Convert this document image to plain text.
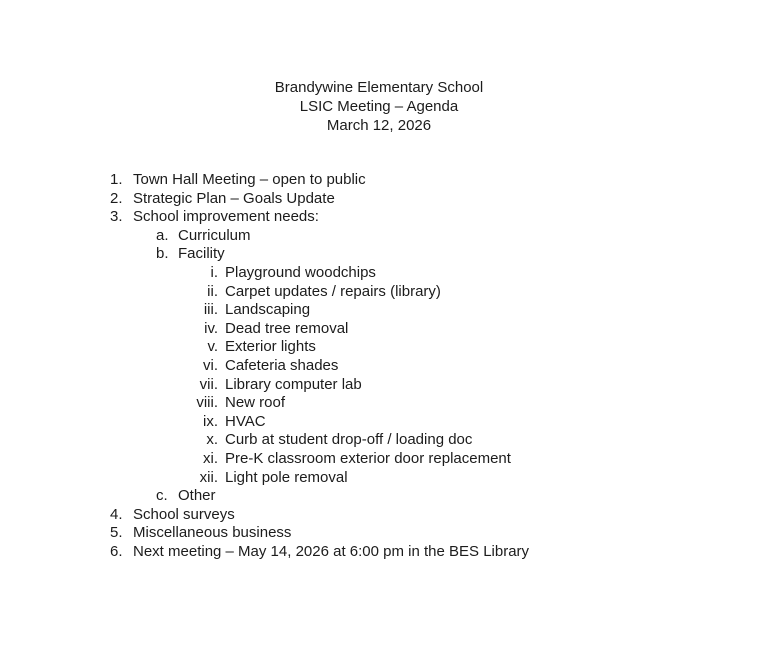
Brandywine Elementary School
LSIC Meeting – Agenda
March 12, 2026
1. Town Hall Meeting – open to public
2. Strategic Plan – Goals Update
3. School improvement needs:
a. Curriculum
b. Facility
i. Playground woodchips
ii. Carpet updates / repairs (library)
iii. Landscaping
iv. Dead tree removal
v. Exterior lights
vi. Cafeteria shades
vii. Library computer lab
viii. New roof
ix. HVAC
x. Curb at student drop-off / loading doc
xi. Pre-K classroom exterior door replacement
xii. Light pole removal
c. Other
4. School surveys
5. Miscellaneous business
6. Next meeting – May 14, 2026 at 6:00 pm in the BES Library
